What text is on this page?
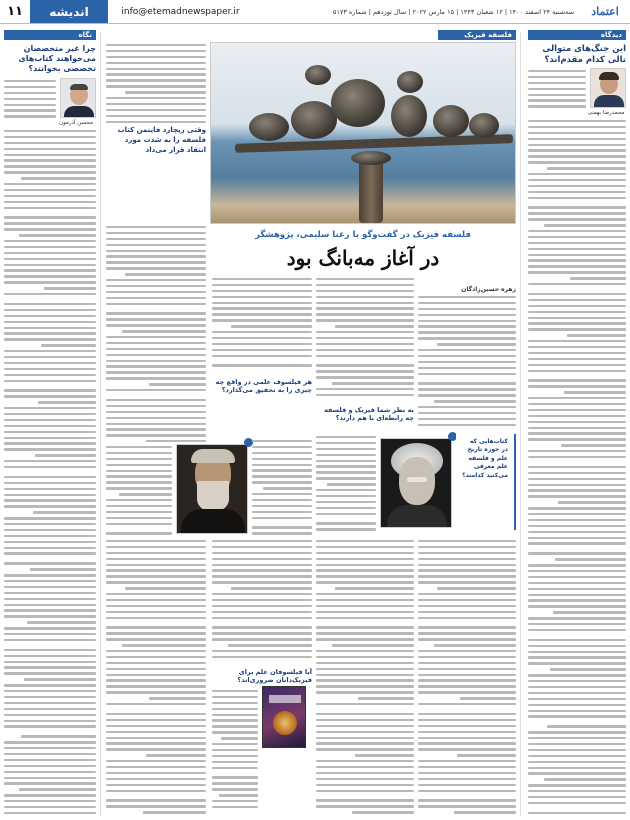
اعتماد
سه‌شنبه ۲۴ اسفند ۱۴۰۰ | ۱۲ شعبان ۱۴۴۳ | ۱۵ مارس ۲۰۲۲ | سال نوزدهم | شماره ۵۱۷۳
info@etemadnewspaper.ir
اندیشه
۱۱
دیدگاه
این جنگ‌های متوالی تالی کدام مقدم‌اند؟
محمدرضا بهمنی
نگاه
چرا غیر متخصصان می‌خواهند کتاب‌های تخصصی بخوانند؟
محسن آذرمون
فلسفه فیزیک
وقتی ریچارد فاینمن کتاب فلسفه را به شدت مورد انتقاد قرار می‌داد
فلسفه فیزیک در گفت‌وگو با رعنا سلیمی، پژوهشگر
در آغاز مه‌بانگ بود
زهره حسین‌زادگان
هر فیلسوف علمی در واقع چه چیزی را به تحقیق می‌گذارد؟
به نظر شما فیزیک و فلسفه چه رابطه‌ای با هم دارند؟
کتاب‌هایی که در حوزه تاریخ علم و فلسفه علم معرفی می‌کنید کدامند؟
آیا فیلسوفان علم برای فیزیک‌دانان ضروری‌اند؟
